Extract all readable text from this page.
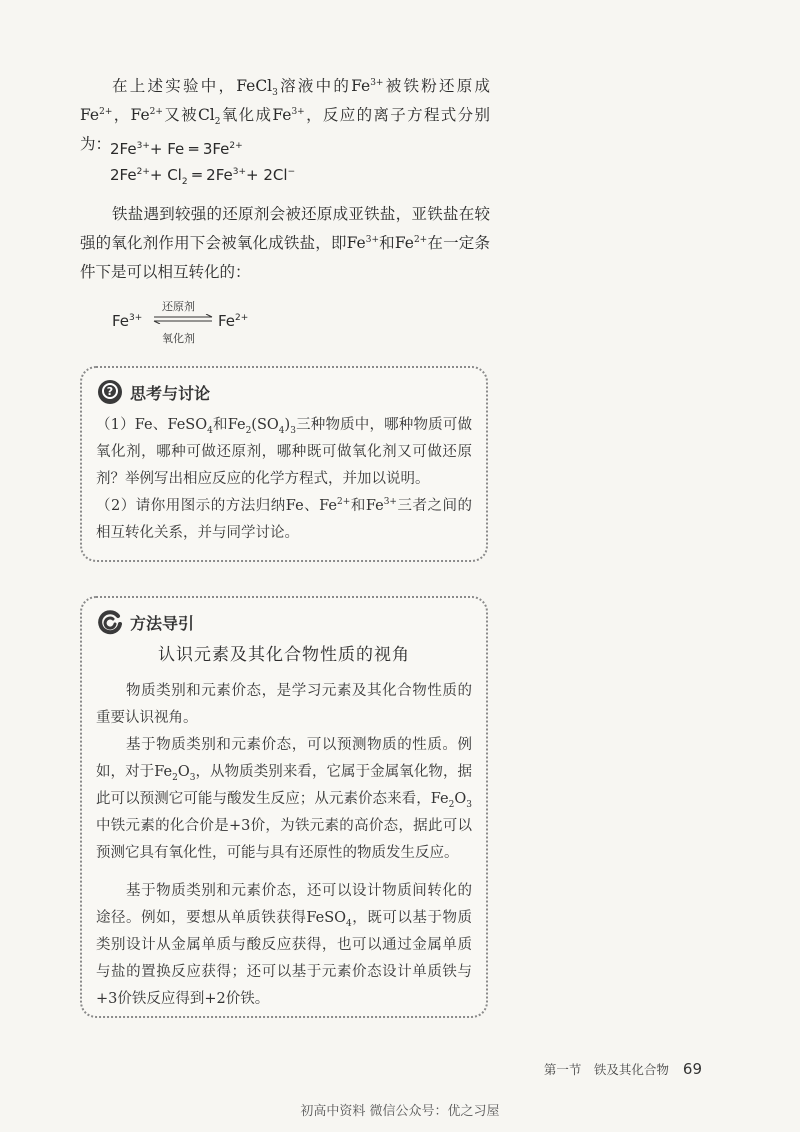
在上述实验中，FeCl$_3$溶液中的$Fe^{3+}$被铁粉还原成$Fe^{2+}$，$Fe^{2+}$又被$Cl_2$氧化成$Fe^{3+}$，反应的离子方程式分别为：

$2Fe^{3+}+ Fe$ ═ $3Fe^{2+}$
$2Fe^{2+}+ Cl_2$ ═ $2Fe^{3+}+ 2Cl^-$

铁盐遇到较强的还原剂会被还原成亚铁盐，亚铁盐在较强的氧化剂作用下会被氧化成铁盐，即$Fe^{3+}$和$Fe^{2+}$在一定条件下是可以相互转化的：

$Fe^{3+}$
还原剂
氧化剂
$Fe^{2+}$
? 思考与讨论

（1）Fe、FeSO$_4$和$Fe_2(SO_4)_3$三种物质中，哪种物质可做氧化剂，哪种可做还原剂，哪种既可做氧化剂又可做还原剂？举例写出相应反应的化学方程式，并加以说明。

（2）请你用图示的方法归纳Fe、$Fe^{2+}$和$Fe^{3+}$三者之间的相互转化关系，并与同学讨论。

方法导引
认识元素及其化合物性质的视角

物质类别和元素价态，是学习元素及其化合物性质的重要认识视角。

基于物质类别和元素价态，可以预测物质的性质。例如，对于$Fe_2O_3$，从物质类别来看，它属于金属氧化物，据此可以预测它可能与酸发生反应；从元素价态来看，$Fe_2O_3$中铁元素的化合价是+3价，为铁元素的高价态，据此可以预测它具有氧化性，可能与具有还原性的物质发生反应。

基于物质类别和元素价态，还可以设计物质间转化的途径。例如，要想从单质铁获得FeSO$_4$，既可以基于物质类别设计从金属单质与酸反应获得，也可以通过金属单质与盐的置换反应获得；还可以基于元素价态设计单质铁与+3价铁反应得到+2价铁。

第一节　铁及其化合物 69
初高中资料 微信公众号：优之习屋
